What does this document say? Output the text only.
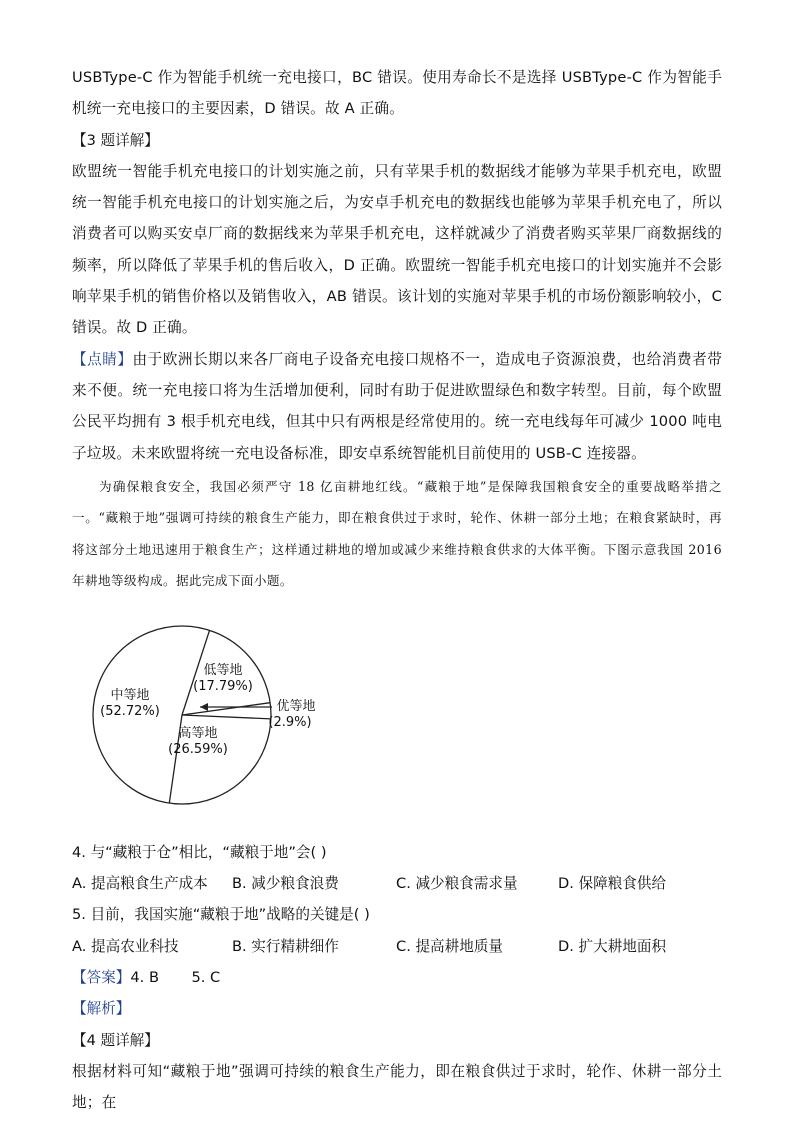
USBType-C 作为智能手机统一充电接口，BC 错误。使用寿命长不是选择 USBType-C 作为智能手机统一充电接口的主要因素，D 错误。故 A 正确。

【3 题详解】

欧盟统一智能手机充电接口的计划实施之前，只有苹果手机的数据线才能够为苹果手机充电，欧盟统一智能手机充电接口的计划实施之后，为安卓手机充电的数据线也能够为苹果手机充电了，所以消费者可以购买安卓厂商的数据线来为苹果手机充电，这样就减少了消费者购买苹果厂商数据线的频率，所以降低了苹果手机的售后收入，D 正确。欧盟统一智能手机充电接口的计划实施并不会影响苹果手机的销售价格以及销售收入，AB 错误。该计划的实施对苹果手机的市场份额影响较小，C 错误。故 D 正确。

【点睛】由于欧洲长期以来各厂商电子设备充电接口规格不一，造成电子资源浪费，也给消费者带来不便。统一充电接口将为生活增加便利，同时有助于促进欧盟绿色和数字转型。目前，每个欧盟公民平均拥有 3 根手机充电线，但其中只有两根是经常使用的。统一充电线每年可减少 1000 吨电子垃圾。未来欧盟将统一充电设备标准，即安卓系统智能机目前使用的 USB-C 连接器。

为确保粮食安全，我国必须严守 18 亿亩耕地红线。“藏粮于地”是保障我国粮食安全的重要战略举措之一。“藏粮于地”强调可持续的粮食生产能力，即在粮食供过于求时，轮作、休耕一部分土地；在粮食紧缺时，再将这部分土地迅速用于粮食生产；这样通过耕地的增加或减少来维持粮食供求的大体平衡。下图示意我国 2016 年耕地等级构成。据此完成下面小题。

中等地
(52.72%)
低等地
(17.79%)
高等地
(26.59%)
优等地
(2.9%)

4. 与“藏粮于仓”相比，“藏粮于地”会( )

A. 提高粮食生产成本	B. 减少粮食浪费	C. 减少粮食需求量	D. 保障粮食供给

5. 目前，我国实施“藏粮于地”战略的关键是( )

A. 提高农业科技	B. 实行精耕细作	C. 提高耕地质量	D. 扩大耕地面积

【答案】4. B       5. C

【解析】

【4 题详解】

根据材料可知“藏粮于地”强调可持续的粮食生产能力，即在粮食供过于求时，轮作、休耕一部分土地；在
